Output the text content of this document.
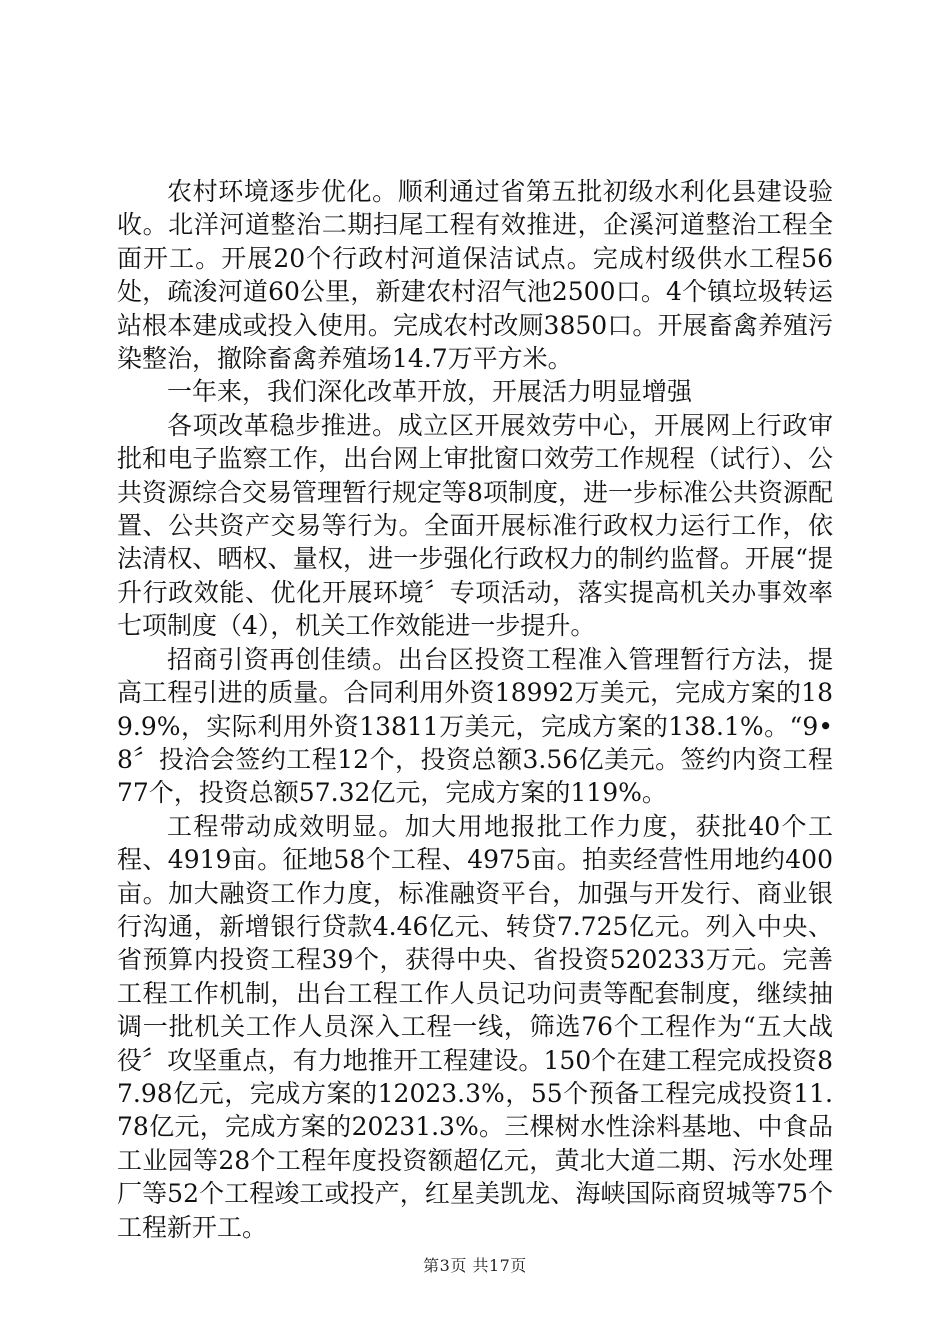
农村环境逐步优化。顺利通过省第五批初级水利化县建设验收。北洋河道整治二期扫尾工程有效推进，企溪河道整治工程全面开工。开展20个行政村河道保洁试点。完成村级供水工程56处，疏浚河道60公里，新建农村沼气池2500口。4个镇垃圾转运站根本建成或投入使用。完成农村改厕3850口。开展畜禽养殖污染整治，撤除畜禽养殖场14.7万平方米。

一年来，我们深化改革开放，开展活力明显增强

各项改革稳步推进。成立区开展效劳中心，开展网上行政审批和电子监察工作，出台网上审批窗口效劳工作规程（试行）、公共资源综合交易管理暂行规定等8项制度，进一步标准公共资源配置、公共资产交易等行为。全面开展标准行政权力运行工作，依法清权、晒权、量权，进一步强化行政权力的制约监督。开展“提升行政效能、优化开展环境〞专项活动，落实提高机关办事效率七项制度（4），机关工作效能进一步提升。

招商引资再创佳绩。出台区投资工程准入管理暂行方法，提高工程引进的质量。合同利用外资18992万美元，完成方案的189.9%，实际利用外资13811万美元，完成方案的138.1%。“9•8〞投洽会签约工程12个，投资总额3.56亿美元。签约内资工程77个，投资总额57.32亿元，完成方案的119%。

工程带动成效明显。加大用地报批工作力度，获批40个工程、4919亩。征地58个工程、4975亩。拍卖经营性用地约400亩。加大融资工作力度，标准融资平台，加强与开发行、商业银行沟通，新增银行贷款4.46亿元、转贷7.725亿元。列入中央、省预算内投资工程39个，获得中央、省投资520233万元。完善工程工作机制，出台工程工作人员记功问责等配套制度，继续抽调一批机关工作人员深入工程一线，筛选76个工程作为“五大战役〞攻坚重点，有力地推开工程建设。150个在建工程完成投资87.98亿元，完成方案的12023.3%，55个预备工程完成投资11.78亿元，完成方案的20231.3%。三棵树水性涂料基地、中食品工业园等28个工程年度投资额超亿元，黄北大道二期、污水处理厂等52个工程竣工或投产，红星美凯龙、海峡国际商贸城等75个工程新开工。

第3页 共17页
